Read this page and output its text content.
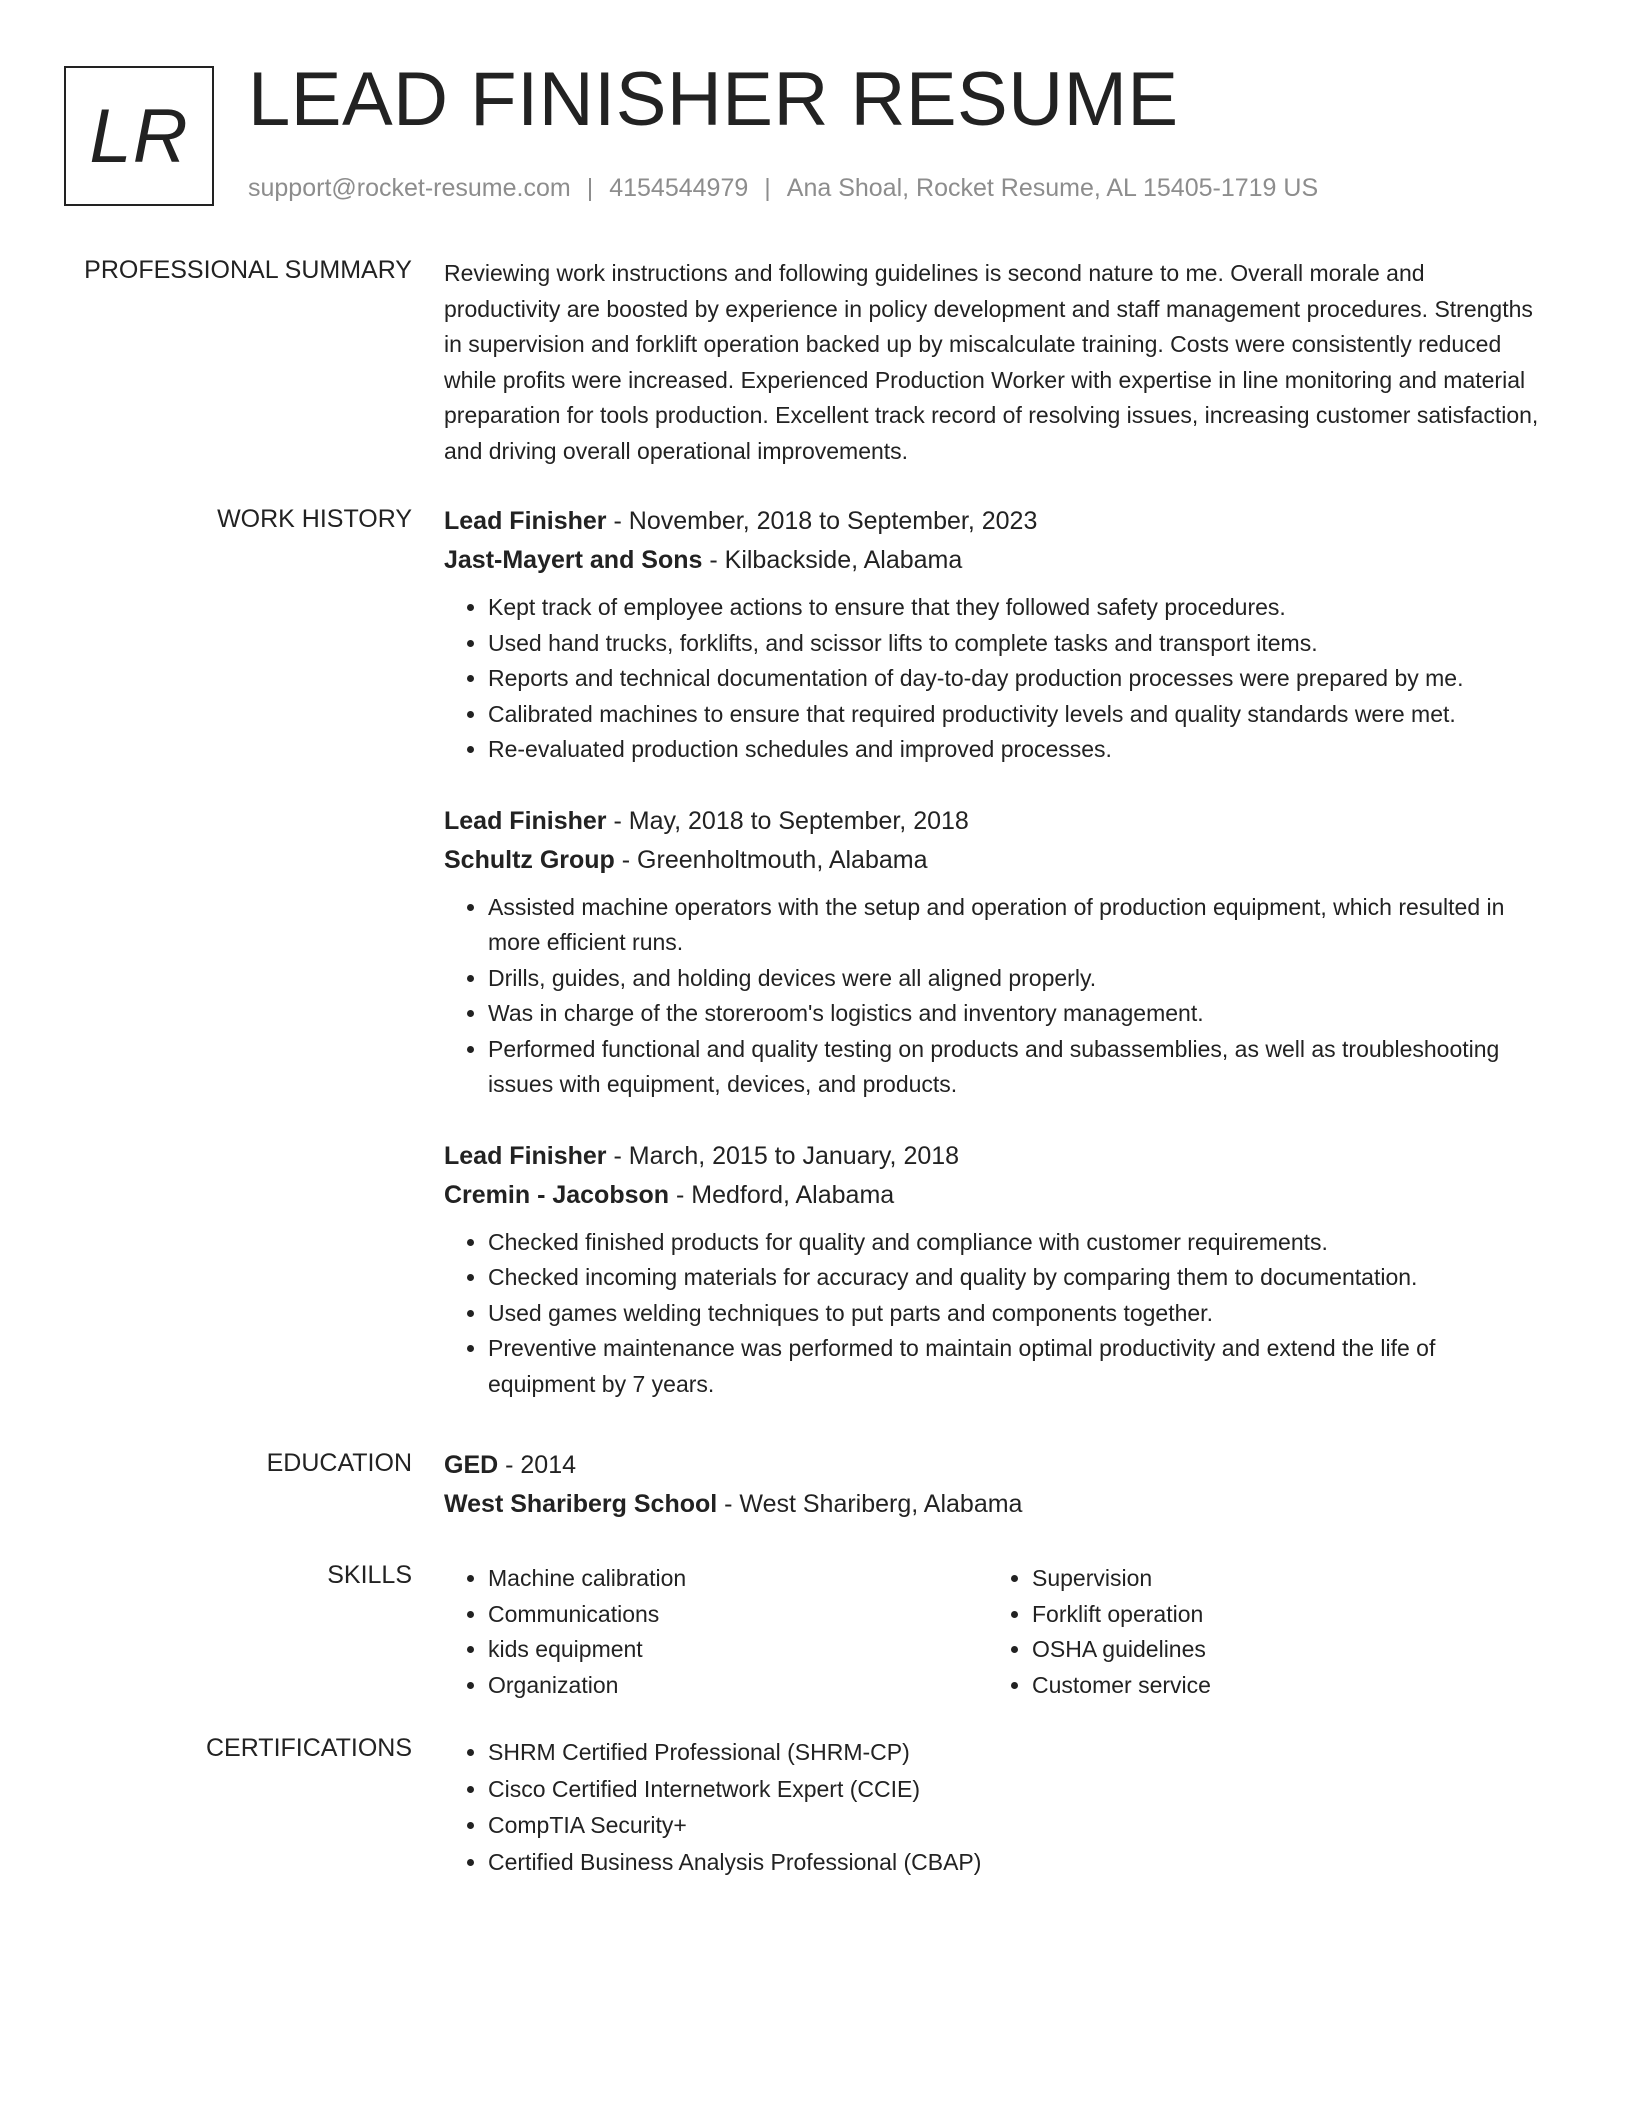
LR LEAD FINISHER RESUME
support@rocket-resume.com | 4154544979 | Ana Shoal, Rocket Resume, AL 15405-1719 US
PROFESSIONAL SUMMARY Reviewing work instructions and following guidelines is second nature to me. Overall morale and productivity are boosted by experience in policy development and staff management procedures. Strengths in supervision and forklift operation backed up by miscalculate training. Costs were consistently reduced while profits were increased. Experienced Production Worker with expertise in line monitoring and material preparation for tools production. Excellent track record of resolving issues, increasing customer satisfaction, and driving overall operational improvements.

WORK HISTORY Lead Finisher - November, 2018 to September, 2023
Jast-Mayert and Sons - Kilbackside, Alabama
• Kept track of employee actions to ensure that they followed safety procedures.
• Used hand trucks, forklifts, and scissor lifts to complete tasks and transport items.
• Reports and technical documentation of day-to-day production processes were prepared by me.
• Calibrated machines to ensure that required productivity levels and quality standards were met.
• Re-evaluated production schedules and improved processes.
Lead Finisher - May, 2018 to September, 2018
Schultz Group - Greenholtmouth, Alabama
• Assisted machine operators with the setup and operation of production equipment, which resulted in more efficient runs.
• Drills, guides, and holding devices were all aligned properly.
• Was in charge of the storeroom's logistics and inventory management.
• Performed functional and quality testing on products and subassemblies, as well as troubleshooting issues with equipment, devices, and products.
Lead Finisher - March, 2015 to January, 2018
Cremin - Jacobson - Medford, Alabama
• Checked finished products for quality and compliance with customer requirements.
• Checked incoming materials for accuracy and quality by comparing them to documentation.
• Used games welding techniques to put parts and components together.
• Preventive maintenance was performed to maintain optimal productivity and extend the life of equipment by 7 years.
EDUCATION GED - 2014
West Shariberg School - West Shariberg, Alabama
SKILLS	• Machine calibration
• Communications
• kids equipment
• Organization
• Supervision
• Forklift operation
• OSHA guidelines
• Customer service
CERTIFICATIONS	• SHRM Certified Professional (SHRM-CP)
• Cisco Certified Internetwork Expert (CCIE)
• CompTIA Security+
• Certified Business Analysis Professional (CBAP)
